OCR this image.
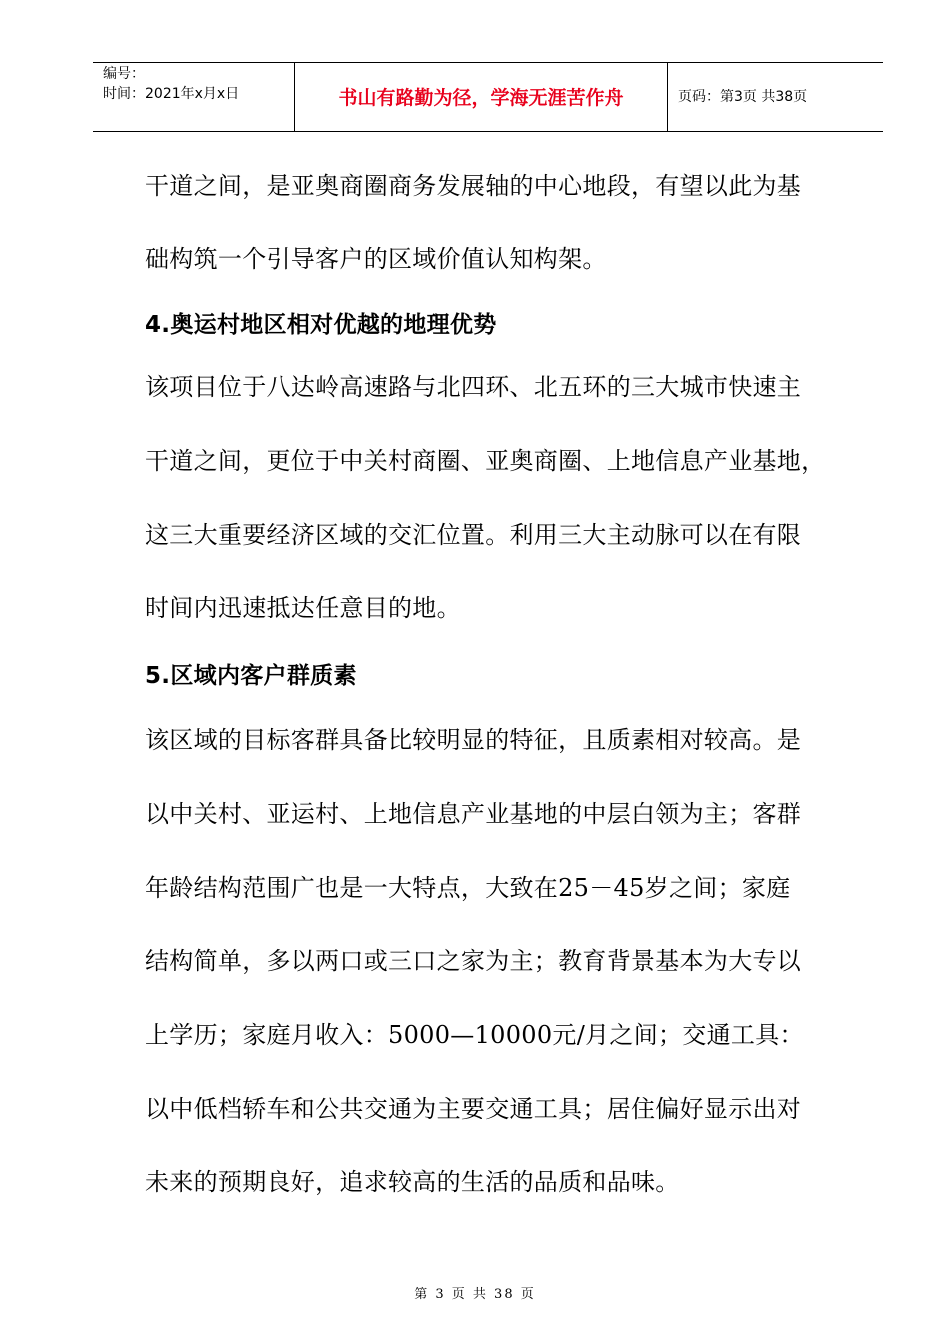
编号：
时间：2021年x月x日	书山有路勤为径，学海无涯苦作舟	页码：第3页 共38页
干道之间，是亚奥商圈商务发展轴的中心地段，有望以此为基
础构筑一个引导客户的区域价值认知构架。
4.奥运村地区相对优越的地理优势
该项目位于八达岭高速路与北四环、北五环的三大城市快速主
干道之间，更位于中关村商圈、亚奥商圈、上地信息产业基地，
这三大重要经济区域的交汇位置。利用三大主动脉可以在有限
时间内迅速抵达任意目的地。
5.区域内客户群质素
该区域的目标客群具备比较明显的特征，且质素相对较高。是
以中关村、亚运村、上地信息产业基地的中层白领为主；客群
年龄结构范围广也是一大特点，大致在25－45岁之间；家庭
结构简单，多以两口或三口之家为主；教育背景基本为大专以
上学历；家庭月收入：5000—10000元/月之间；交通工具：
以中低档轿车和公共交通为主要交通工具；居住偏好显示出对
未来的预期良好，追求较高的生活的品质和品味。
第 3 页 共 38 页
